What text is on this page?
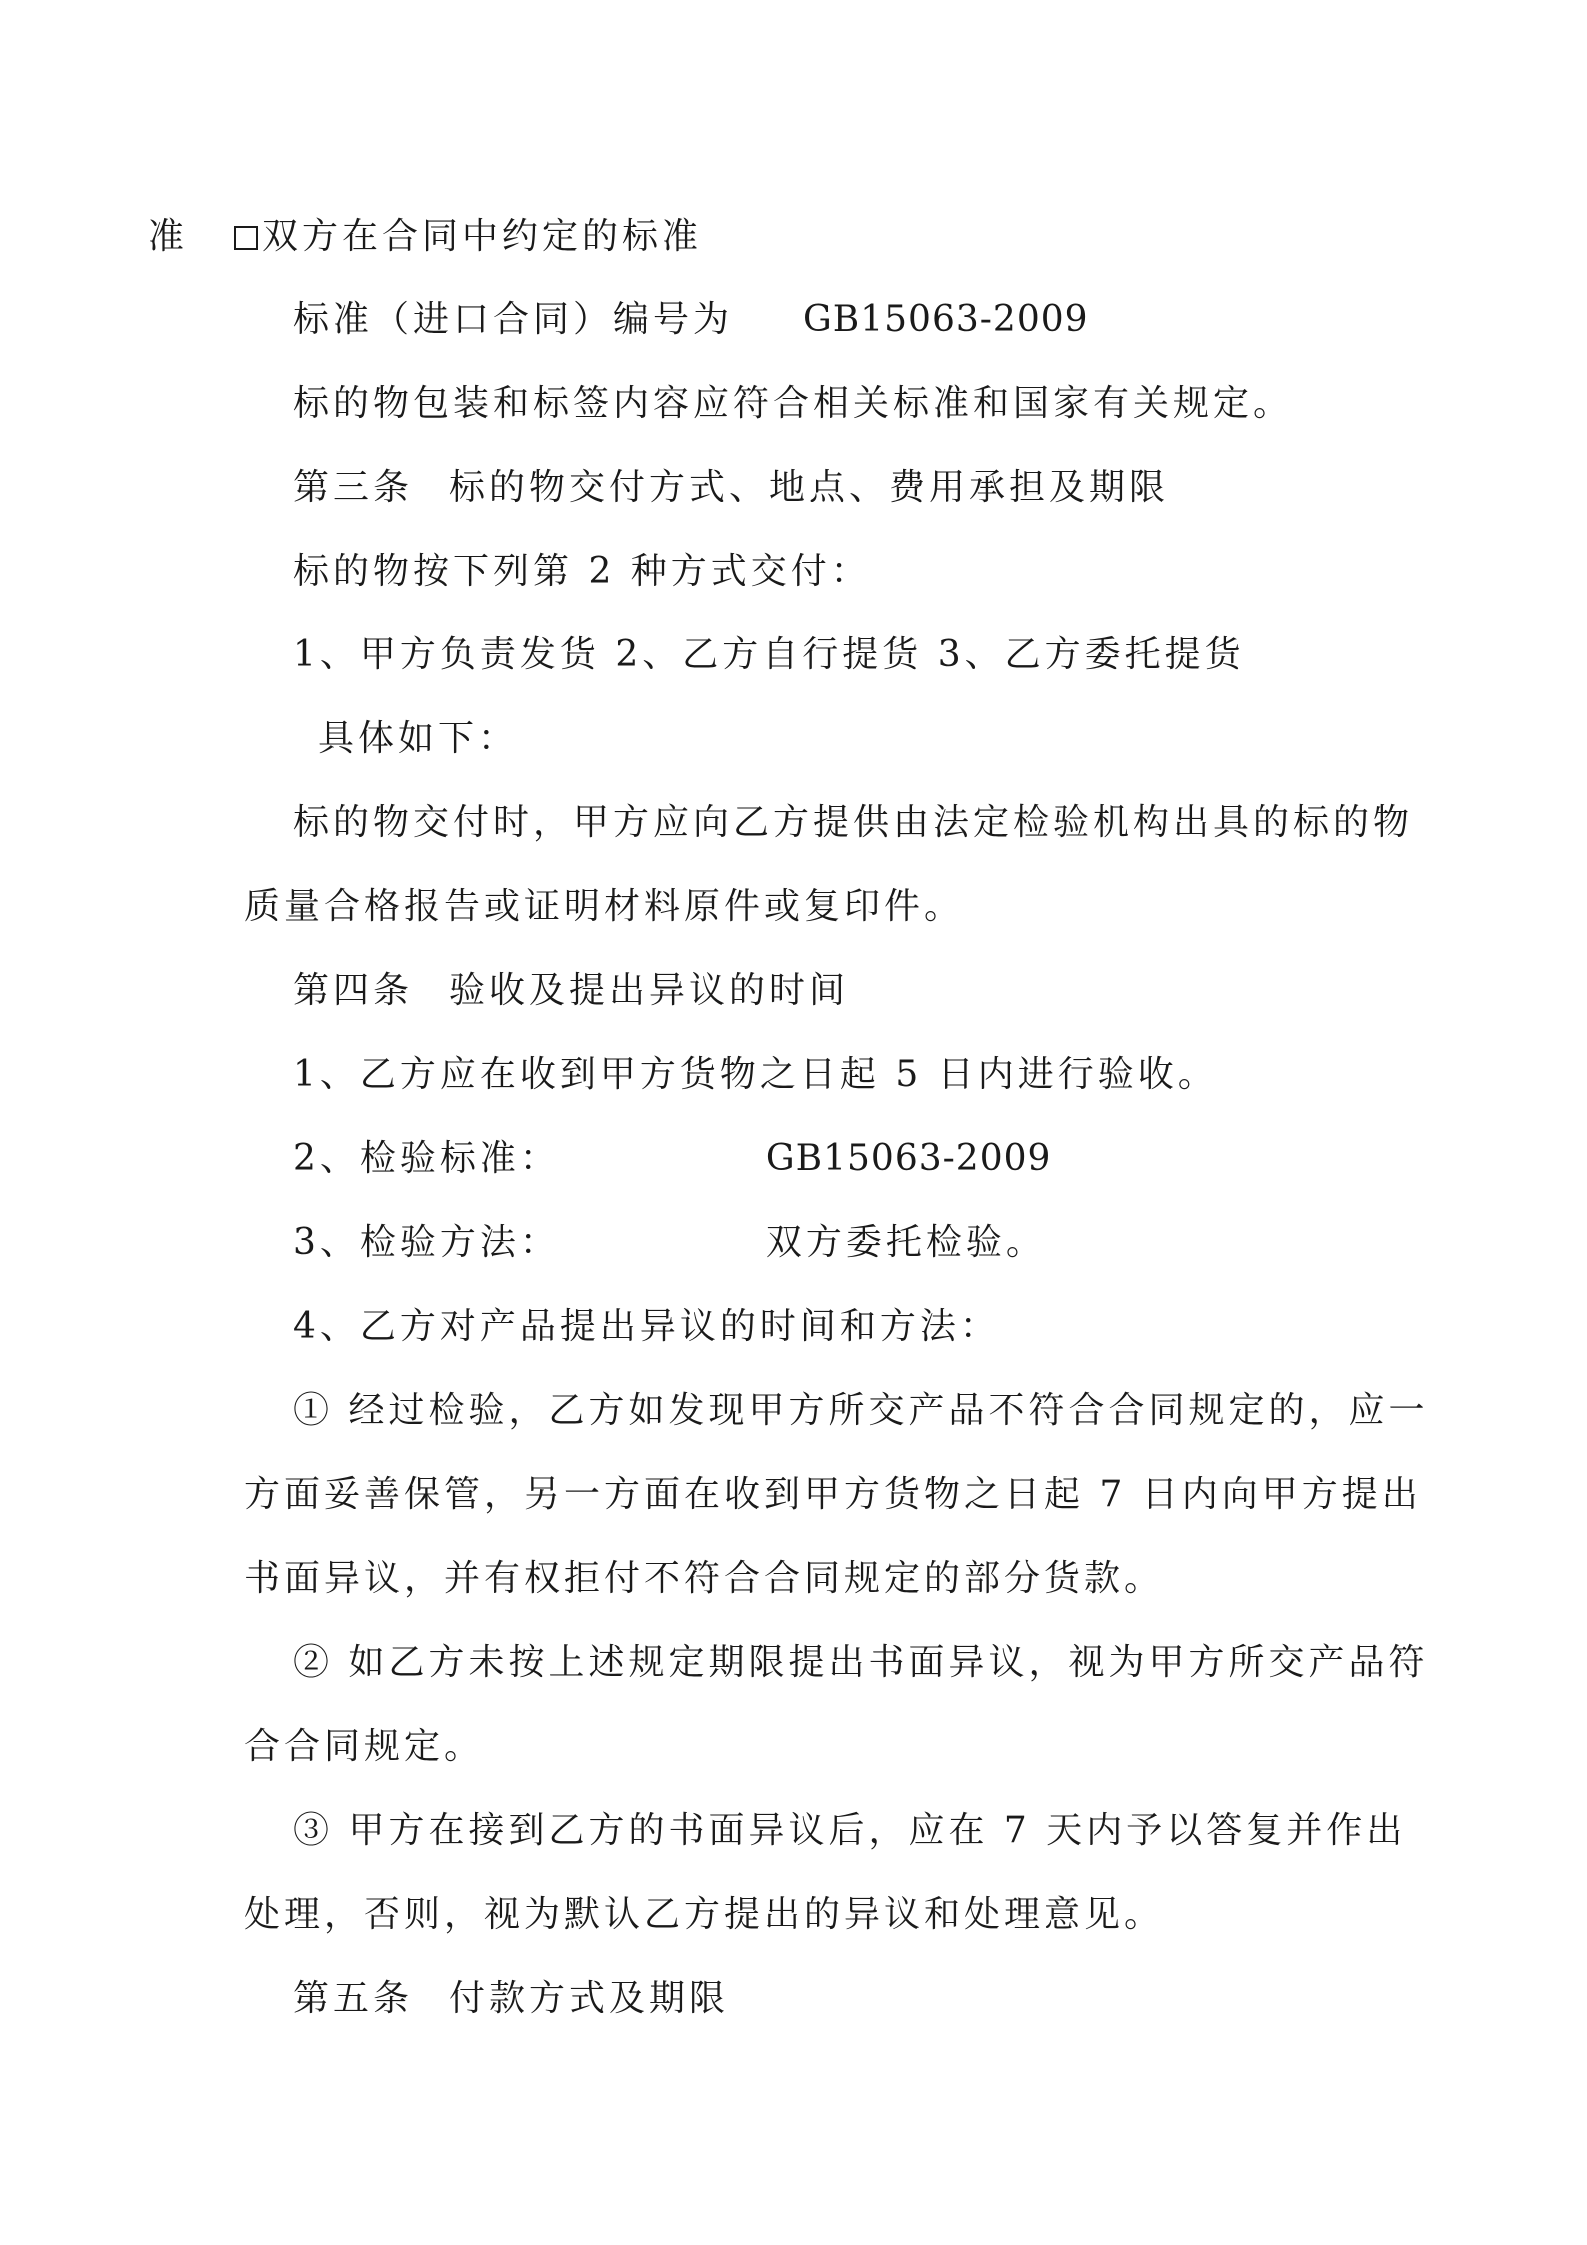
准 双方在合同中约定的标准
标准（进口合同）编号为 GB15063-2009
标的物包装和标签内容应符合相关标准和国家有关规定。
第三条 标的物交付方式、地点、费用承担及期限
标的物按下列第 2 种方式交付：
1、甲方负责发货 2、乙方自行提货 3、乙方委托提货
具体如下：
标的物交付时，甲方应向乙方提供由法定检验机构出具的标的物
质量合格报告或证明材料原件或复印件。
第四条 验收及提出异议的时间
1、乙方应在收到甲方货物之日起 5 日内进行验收。
2、检验标准：	GB15063-2009
3、检验方法：	双方委托检验。
4、乙方对产品提出异议的时间和方法：
① 经过检验，乙方如发现甲方所交产品不符合合同规定的，应一
方面妥善保管，另一方面在收到甲方货物之日起 7 日内向甲方提出
书面异议，并有权拒付不符合合同规定的部分货款。
② 如乙方未按上述规定期限提出书面异议，视为甲方所交产品符
合合同规定。
③ 甲方在接到乙方的书面异议后，应在 7 天内予以答复并作出
处理，否则，视为默认乙方提出的异议和处理意见。
第五条 付款方式及期限
